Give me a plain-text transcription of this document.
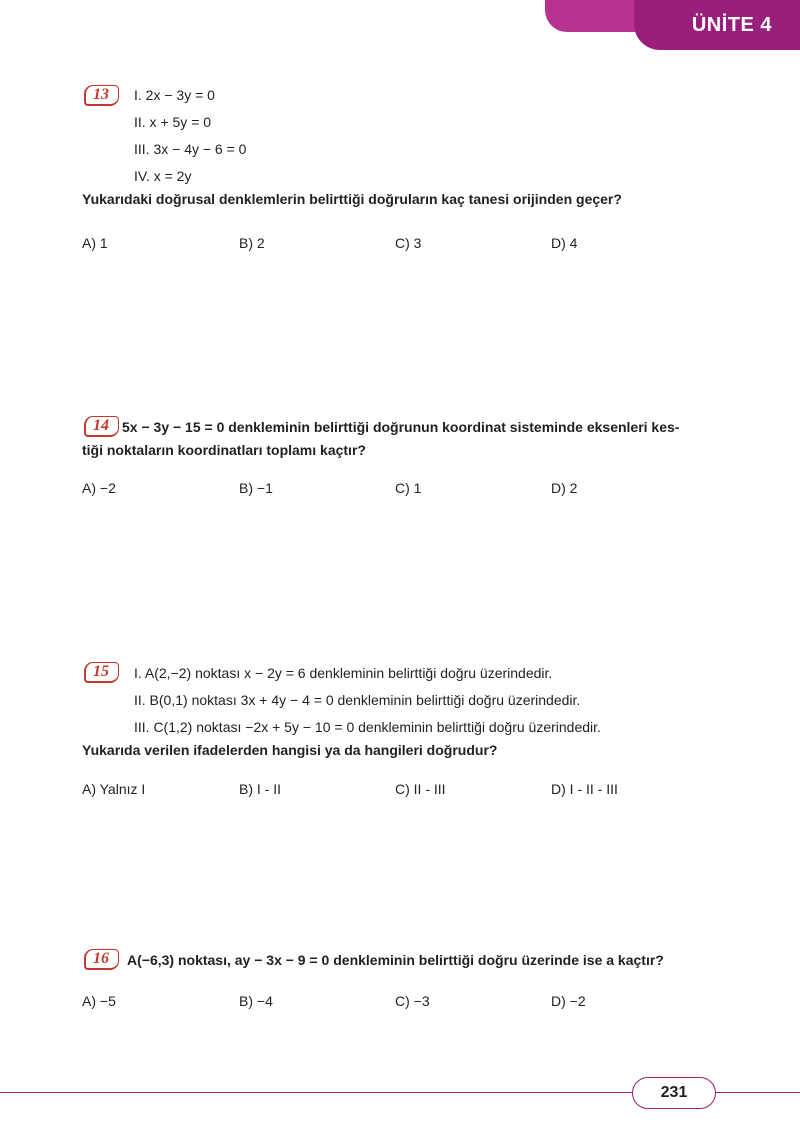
ÜNİTE 4
13	I. 2x − 3y = 0
II. x + 5y = 0
III. 3x − 4y − 6 = 0
IV. x = 2y
Yukarıdaki doğrusal denklemlerin belirttiği doğruların kaç tanesi orijinden geçer?
A) 1	B) 2	C) 3	D) 4
14 5x − 3y − 15 = 0 denkleminin belirttiği doğrunun koordinat sisteminde eksenleri kes-
tiği noktaların koordinatları toplamı kaçtır?
A) −2	B) −1	C) 1	D) 2
15	I. A(2,−2) noktası x − 2y = 6 denkleminin belirttiği doğru üzerindedir.
II. B(0,1) noktası 3x + 4y − 4 = 0 denkleminin belirttiği doğru üzerindedir.
III. C(1,2) noktası −2x + 5y − 10 = 0 denkleminin belirttiği doğru üzerindedir.
Yukarıda verilen ifadelerden hangisi ya da hangileri doğrudur?
A) Yalnız I	B) I - II	C) II - III	D) I - II - III
16	A(−6,3) noktası, ay − 3x − 9 = 0 denkleminin belirttiği doğru üzerinde ise a kaçtır?
A) −5	B) −4	C) −3	D) −2
231
